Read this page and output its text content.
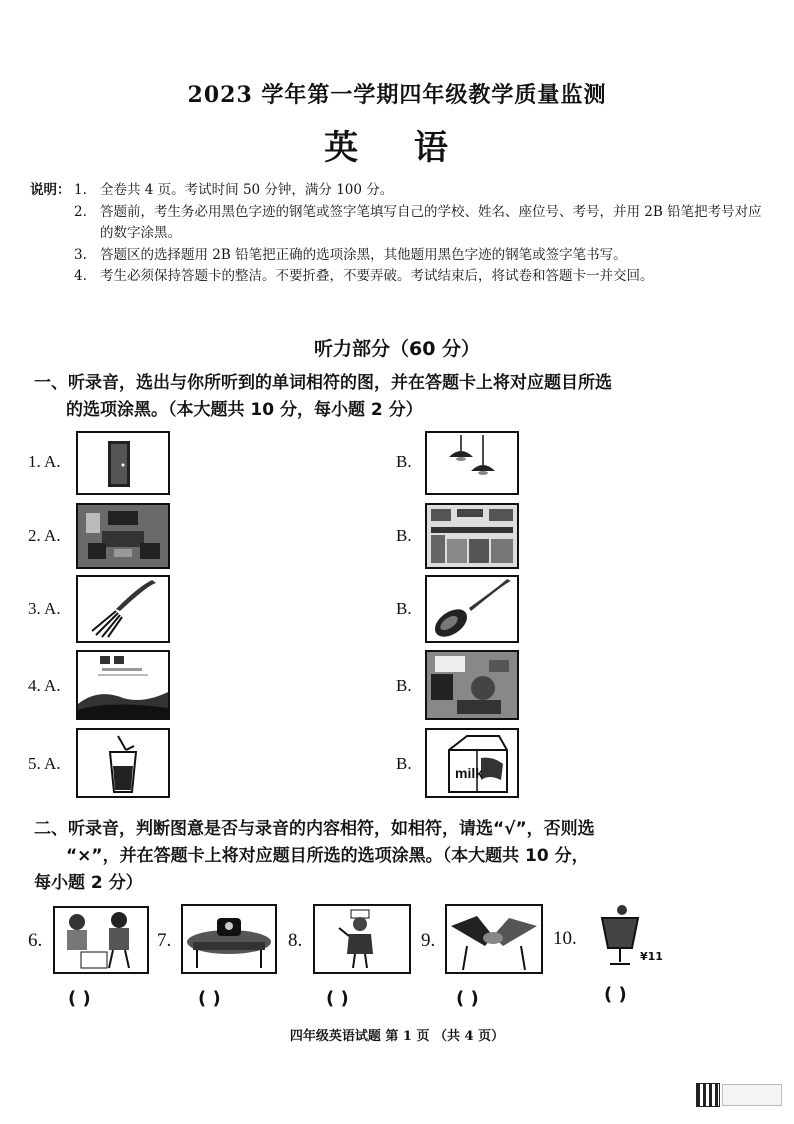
2023 学年第一学期四年级教学质量监测
英 语
说明： 1. 全卷共 4 页。考试时间 50 分钟，满分 100 分。
2. 答题前，考生务必用黑色字迹的钢笔或签字笔填写自己的学校、姓名、座位号、考号，并用 2B 铅笔把考号对应的数字涂黑。
3. 答题区的选择题用 2B 铅笔把正确的选项涂黑，其他题用黑色字迹的钢笔或签字笔书写。
4. 考生必须保持答题卡的整洁。不要折叠，不要弄破。考试结束后，将试卷和答题卡一并交回。
听力部分（60 分）
一、听录音，选出与你所听到的单词相符的图，并在答题卡上将对应题目所选
的选项涂黑。（本大题共 10 分，每小题 2 分）
1. A.	B.
2. A.	B.
3. A.	B.
4. A.	B.
5. A.	B.	milk
二、听录音，判断图意是否与录音的内容相符，如相符，请选“√”，否则选
“×”，并在答题卡上将对应题目所选的选项涂黑。（本大题共 10 分，
每小题 2 分）
6.
( )
7.
( )
8.
( )
9.
( )
10.
¥11
( )
四年级英语试题 第 1 页 （共 4 页）
